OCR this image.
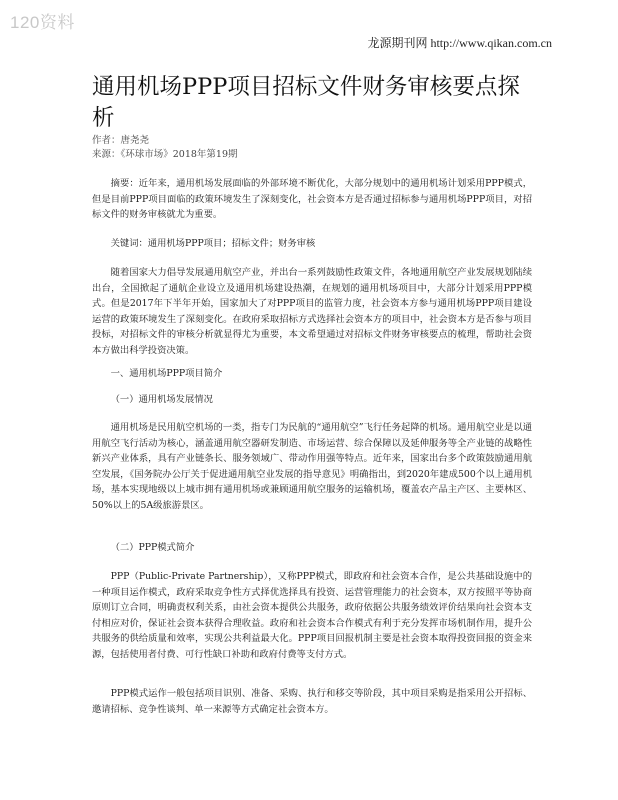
120资料
龙源期刊网 http://www.qikan.com.cn
通用机场PPP项目招标文件财务审核要点探析
作者：唐尧尧
来源：《环球市场》2018年第19期

摘要：近年来，通用机场发展面临的外部环境不断优化，大部分规划中的通用机场计划采用PPP模式，但是目前PPP项目面临的政策环境发生了深刻变化，社会资本方是否通过招标参与通用机场PPP项目，对招标文件的财务审核就尤为重要。

关键词：通用机场PPP项目；招标文件；财务审核

随着国家大力倡导发展通用航空产业，并出台一系列鼓励性政策文件，各地通用航空产业发展规划陆续出台，全国掀起了通航企业设立及通用机场建设热潮，在规划的通用机场项目中，大部分计划采用PPP模式。但是2017年下半年开始，国家加大了对PPP项目的监管力度，社会资本方参与通用机场PPP项目建设运营的政策环境发生了深刻变化。在政府采取招标方式选择社会资本方的项目中，社会资本方是否参与项目投标，对招标文件的审核分析就显得尤为重要，本文希望通过对招标文件财务审核要点的梳理，帮助社会资本方做出科学投资决策。

一、通用机场PPP项目简介
（一）通用机场发展情况

通用机场是民用航空机场的一类，指专门为民航的“通用航空”飞行任务起降的机场。通用航空业是以通用航空飞行活动为核心，涵盖通用航空器研发制造、市场运营、综合保障以及延伸服务等全产业链的战略性新兴产业体系，具有产业链条长、服务领域广、带动作用强等特点。近年来，国家出台多个政策鼓励通用航空发展，《国务院办公厅关于促进通用航空业发展的指导意见》明确指出，到2020年建成500个以上通用机场，基本实现地级以上城市拥有通用机场或兼顾通用航空服务的运输机场，覆盖农产品主产区、主要林区、50%以上的5A级旅游景区。

（二）PPP模式简介

PPP（Public-Private Partnership），又称PPP模式，即政府和社会资本合作，是公共基础设施中的一种项目运作模式，政府采取竞争性方式择优选择具有投资、运营管理能力的社会资本，双方按照平等协商原则订立合同，明确责权利关系，由社会资本提供公共服务，政府依据公共服务绩效评价结果向社会资本支付相应对价，保证社会资本获得合理收益。政府和社会资本合作模式有利于充分发挥市场机制作用，提升公共服务的供给质量和效率，实现公共利益最大化。PPP项目回报机制主要是社会资本取得投资回报的资金来源，包括使用者付费、可行性缺口补助和政府付费等支付方式。

PPP模式运作一般包括项目识别、准备、采购、执行和移交等阶段，其中项目采购是指采用公开招标、邀请招标、竞争性谈判、单一来源等方式确定社会资本方。
